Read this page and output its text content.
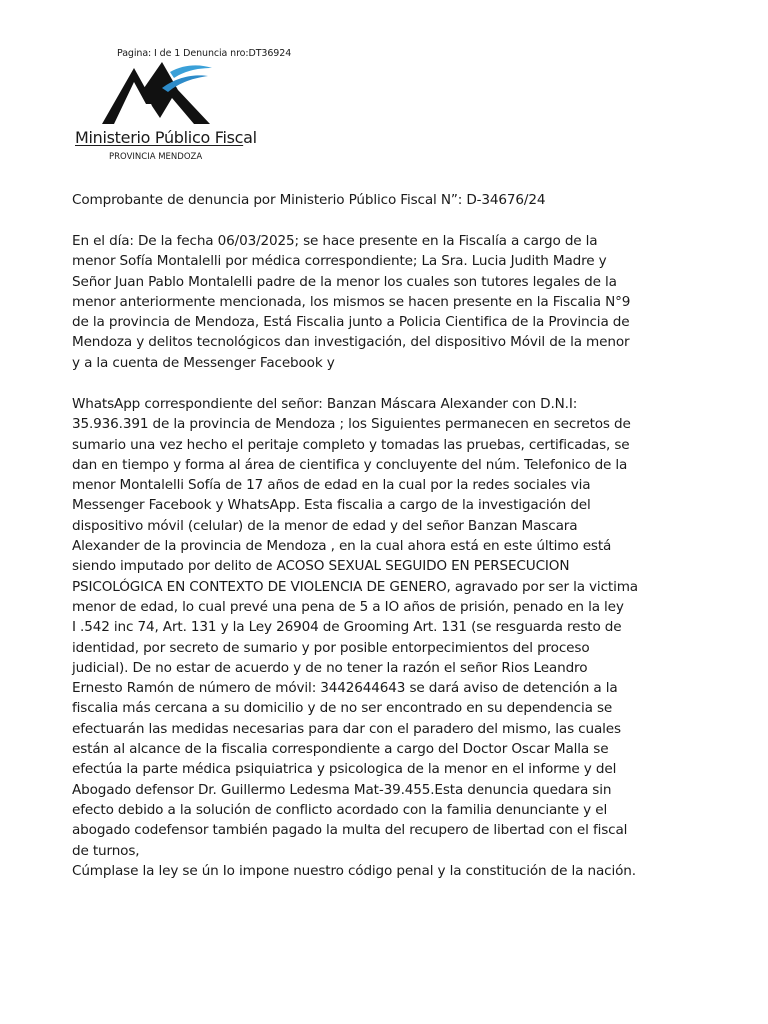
Pagina: I de 1 Denuncia nro:DT36924
Ministerio Público Fiscal
PROVINCIA MENDOZA
Comprobante de denuncia por Ministerio Público Fiscal N”: D-34676/24
En el día: De la fecha 06/03/2025; se hace presente en la Fiscalía a cargo de la
menor Sofía Montalelli por médica correspondiente; La Sra. Lucia Judith Madre y
Señor Juan Pablo Montalelli padre de la menor los cuales son tutores legales de la
menor anteriormente mencionada, los mismos se hacen presente en la Fiscalia N°9
de la provincia de Mendoza, Está Fiscalia junto a Policia Cientifica de la Provincia de
Mendoza y delitos tecnológicos dan investigación, del dispositivo Móvil de la menor
y a la cuenta de Messenger Facebook y
WhatsApp correspondiente del señor: Banzan Máscara Alexander con D.N.I:
35.936.391 de la provincia de Mendoza ; los Siguientes permanecen en secretos de
sumario una vez hecho el peritaje completo y tomadas las pruebas, certificadas, se
dan en tiempo y forma al área de cientifica y concluyente del núm. Telefonico de la
menor Montalelli Sofía de 17 años de edad en la cual por la redes sociales via
Messenger Facebook y WhatsApp. Esta fiscalia a cargo de la investigación del
dispositivo móvil (celular) de la menor de edad y del señor Banzan Mascara
Alexander de la provincia de Mendoza , en la cual ahora está en este último está
siendo imputado por delito de ACOSO SEXUAL SEGUIDO EN PERSECUCION
PSICOLÓGICA EN CONTEXTO DE VIOLENCIA DE GENERO, agravado por ser la victima
menor de edad, lo cual prevé una pena de 5 a IO años de prisión, penado en la ley
I .542 inc 74, Art. 131 y la Ley 26904 de Grooming Art. 131 (se resguarda resto de
identidad, por secreto de sumario y por posible entorpecimientos del proceso
judicial). De no estar de acuerdo y de no tener la razón el señor Rios Leandro
Ernesto Ramón de número de móvil: 3442644643 se dará aviso de detención a la
fiscalia más cercana a su domicilio y de no ser encontrado en su dependencia se
efectuarán las medidas necesarias para dar con el paradero del mismo, las cuales
están al alcance de la fiscalia correspondiente a cargo del Doctor Oscar Malla se
efectúa la parte médica psiquiatrica y psicologica de la menor en el informe y del
Abogado defensor Dr. Guillermo Ledesma Mat-39.455.Esta denuncia quedara sin
efecto debido a la solución de conflicto acordado con la familia denunciante y el
abogado codefensor también pagado la multa del recupero de libertad con el fiscal
de turnos,
Cúmplase la ley se ún Io impone nuestro código penal y la constitución de la nación.
